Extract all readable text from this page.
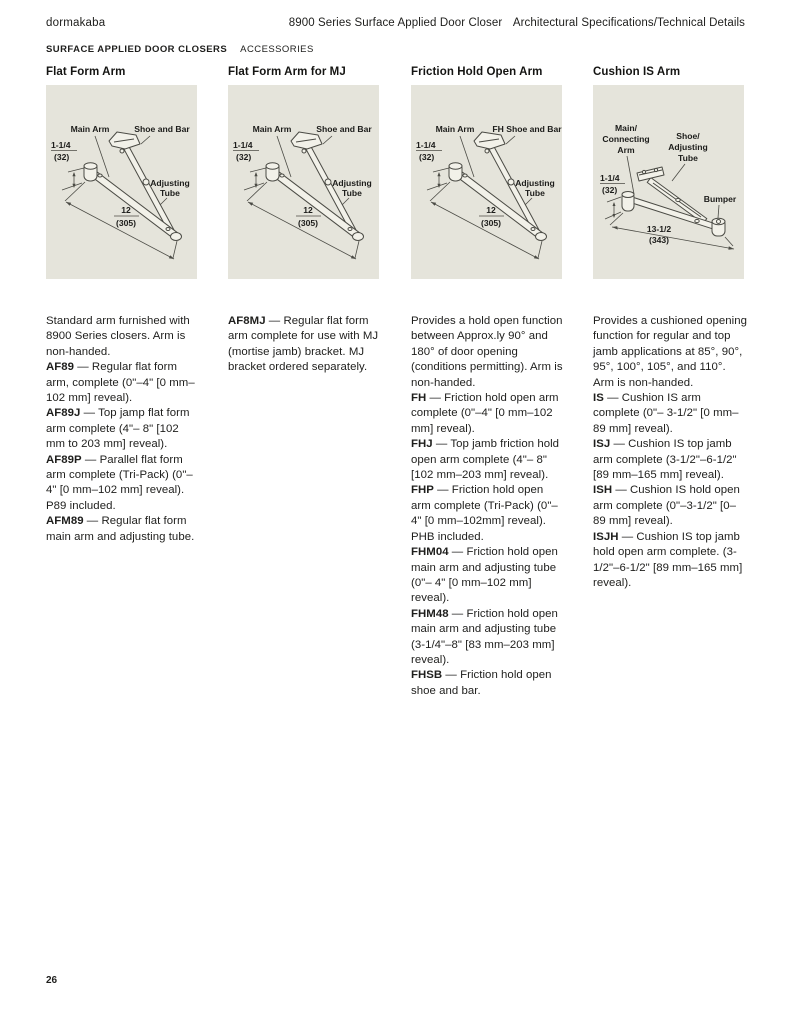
dormakaba	8900 Series Surface Applied Door Closer Architectural Specifications/Technical Details
SURFACE APPLIED DOOR CLOSERS ACCESSORIES
Flat Form Arm
Main Arm	Shoe and Bar
Adjusting
Tube
1-1/4
(32)
12
(305)

Standard arm furnished with 8900 Series closers. Arm is non-handed.

AF89 — Regular flat form arm, complete (0"–4" [0 mm–102 mm] reveal).

AF89J — Top jamp flat form arm complete (4"– 8" [102 mm to 203 mm] reveal).

AF89P — Parallel flat form arm complete (Tri-Pack) (0"– 4" [0 mm–102 mm] reveal). P89 included.

AFM89 — Regular flat form main arm and adjusting tube.

Flat Form Arm for MJ
Main Arm	Shoe and Bar
Adjusting
Tube
1-1/4
(32)
12
(305)

AF8MJ — Regular flat form arm complete for use with MJ (mortise jamb) bracket. MJ bracket ordered separately.

Friction Hold Open Arm
Main Arm FH Shoe and Bar
Adjusting
Tube
1-1/4
(32)
12
(305)

Provides a hold open function between Approx.ly 90° and 180° of door opening (conditions permitting). Arm is non-handed.

FH — Friction hold open arm complete (0"–4" [0 mm–102 mm] reveal).

FHJ — Top jamb friction hold open arm complete (4"– 8" [102 mm–203 mm] reveal).

FHP — Friction hold open arm complete (Tri-Pack) (0"– 4" [0 mm–102mm] reveal). PHB included.

FHM04 — Friction hold open main arm and adjusting tube (0"– 4" [0 mm–102 mm] reveal).

FHM48 — Friction hold open main arm and adjusting tube (3-1/4"–8" [83 mm–203 mm] reveal).

FHSB — Friction hold open shoe and bar.

Cushion IS Arm
Main/
Connecting
Arm
Shoe/
Adjusting
Tube
Bumper
1-1/4
(32)
13-1/2
(343)

Provides a cushioned opening function for regular and top jamb applications at 85°, 90°, 95°, 100°, 105°, and 110°. Arm is non-handed.

IS — Cushion IS arm complete (0"– 3-1/2" [0 mm–89 mm] reveal).

ISJ — Cushion IS top jamb arm complete (3-1/2"–6-1/2" [89 mm–165 mm] reveal).

ISH — Cushion IS hold open arm complete (0"–3-1/2" [0–89 mm] reveal).

ISJH — Cushion IS top jamb hold open arm complete. (3-1/2"–6-1/2" [89 mm–165 mm] reveal).

26
